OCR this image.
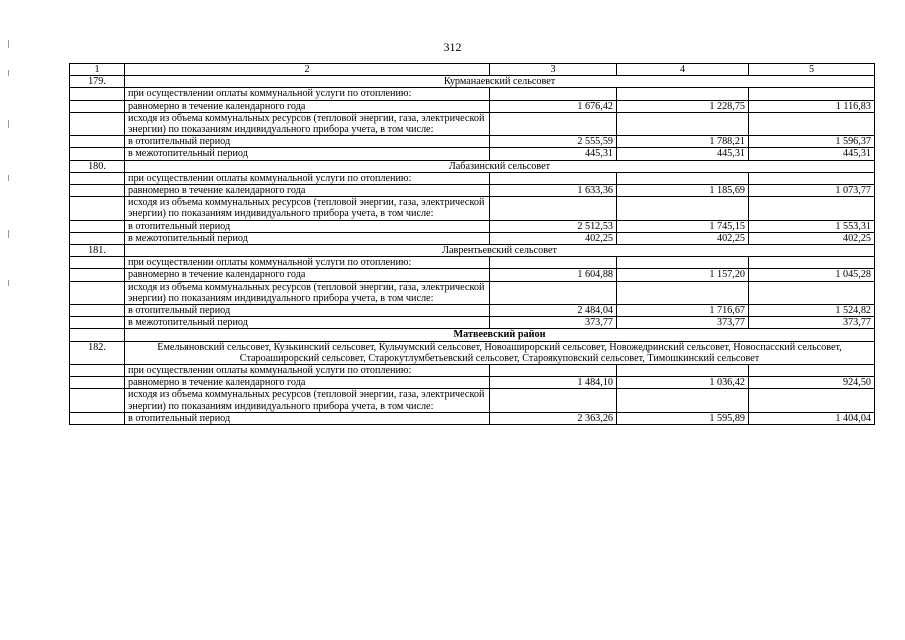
312
1	2	3	4	5
179.	Курманаевский сельсовет			
	при осуществлении оплаты коммунальной услуги по отоплению:			
	равномерно в течение календарного года	1 676,42	1 228,75	1 116,83
	исходя из объема коммунальных ресурсов (тепловой энергии, газа, электрической энергии) по показаниям индивидуального прибора учета, в том числе:			
	в отопительный период	2 555,59	1 788,21	1 596,37
	в межотопительный период	445,31	445,31	445,31
180.	Лабазинский сельсовет			
	при осуществлении оплаты коммунальной услуги по отоплению:			
	равномерно в течение календарного года	1 633,36	1 185,69	1 073,77
	исходя из объема коммунальных ресурсов (тепловой энергии, газа, электрической энергии) по показаниям индивидуального прибора учета, в том числе:			
	в отопительный период	2 512,53	1 745,15	1 553,31
	в межотопительный период	402,25	402,25	402,25
181.	Лаврентьевский сельсовет			
	при осуществлении оплаты коммунальной услуги по отоплению:			
	равномерно в течение календарного года	1 604,88	1 157,20	1 045,28
	исходя из объема коммунальных ресурсов (тепловой энергии, газа, электрической энергии) по показаниям индивидуального прибора учета, в том числе:			
	в отопительный период	2 484,04	1 716,67	1 524,82
	в межотопительный период	373,77	373,77	373,77
	Матвеевский район			
182.	Емельяновский сельсовет, Кузькинский сельсовет, Кульчумский сельсовет, Новоаширорский сельсовет, Новожедринский сельсовет, Новоспасский сельсовет, Староаширорский сельсовет, Старокутлумбетьевский сельсовет, Староякуповский сельсовет, Тимошкинский сельсовет			
	при осуществлении оплаты коммунальной услуги по отоплению:			
	равномерно в течение календарного года	1 484,10	1 036,42	924,50
	исходя из объема коммунальных ресурсов (тепловой энергии, газа, электрической энергии) по показаниям индивидуального прибора учета, в том числе:			
	в отопительный период	2 363,26	1 595,89	1 404,04
